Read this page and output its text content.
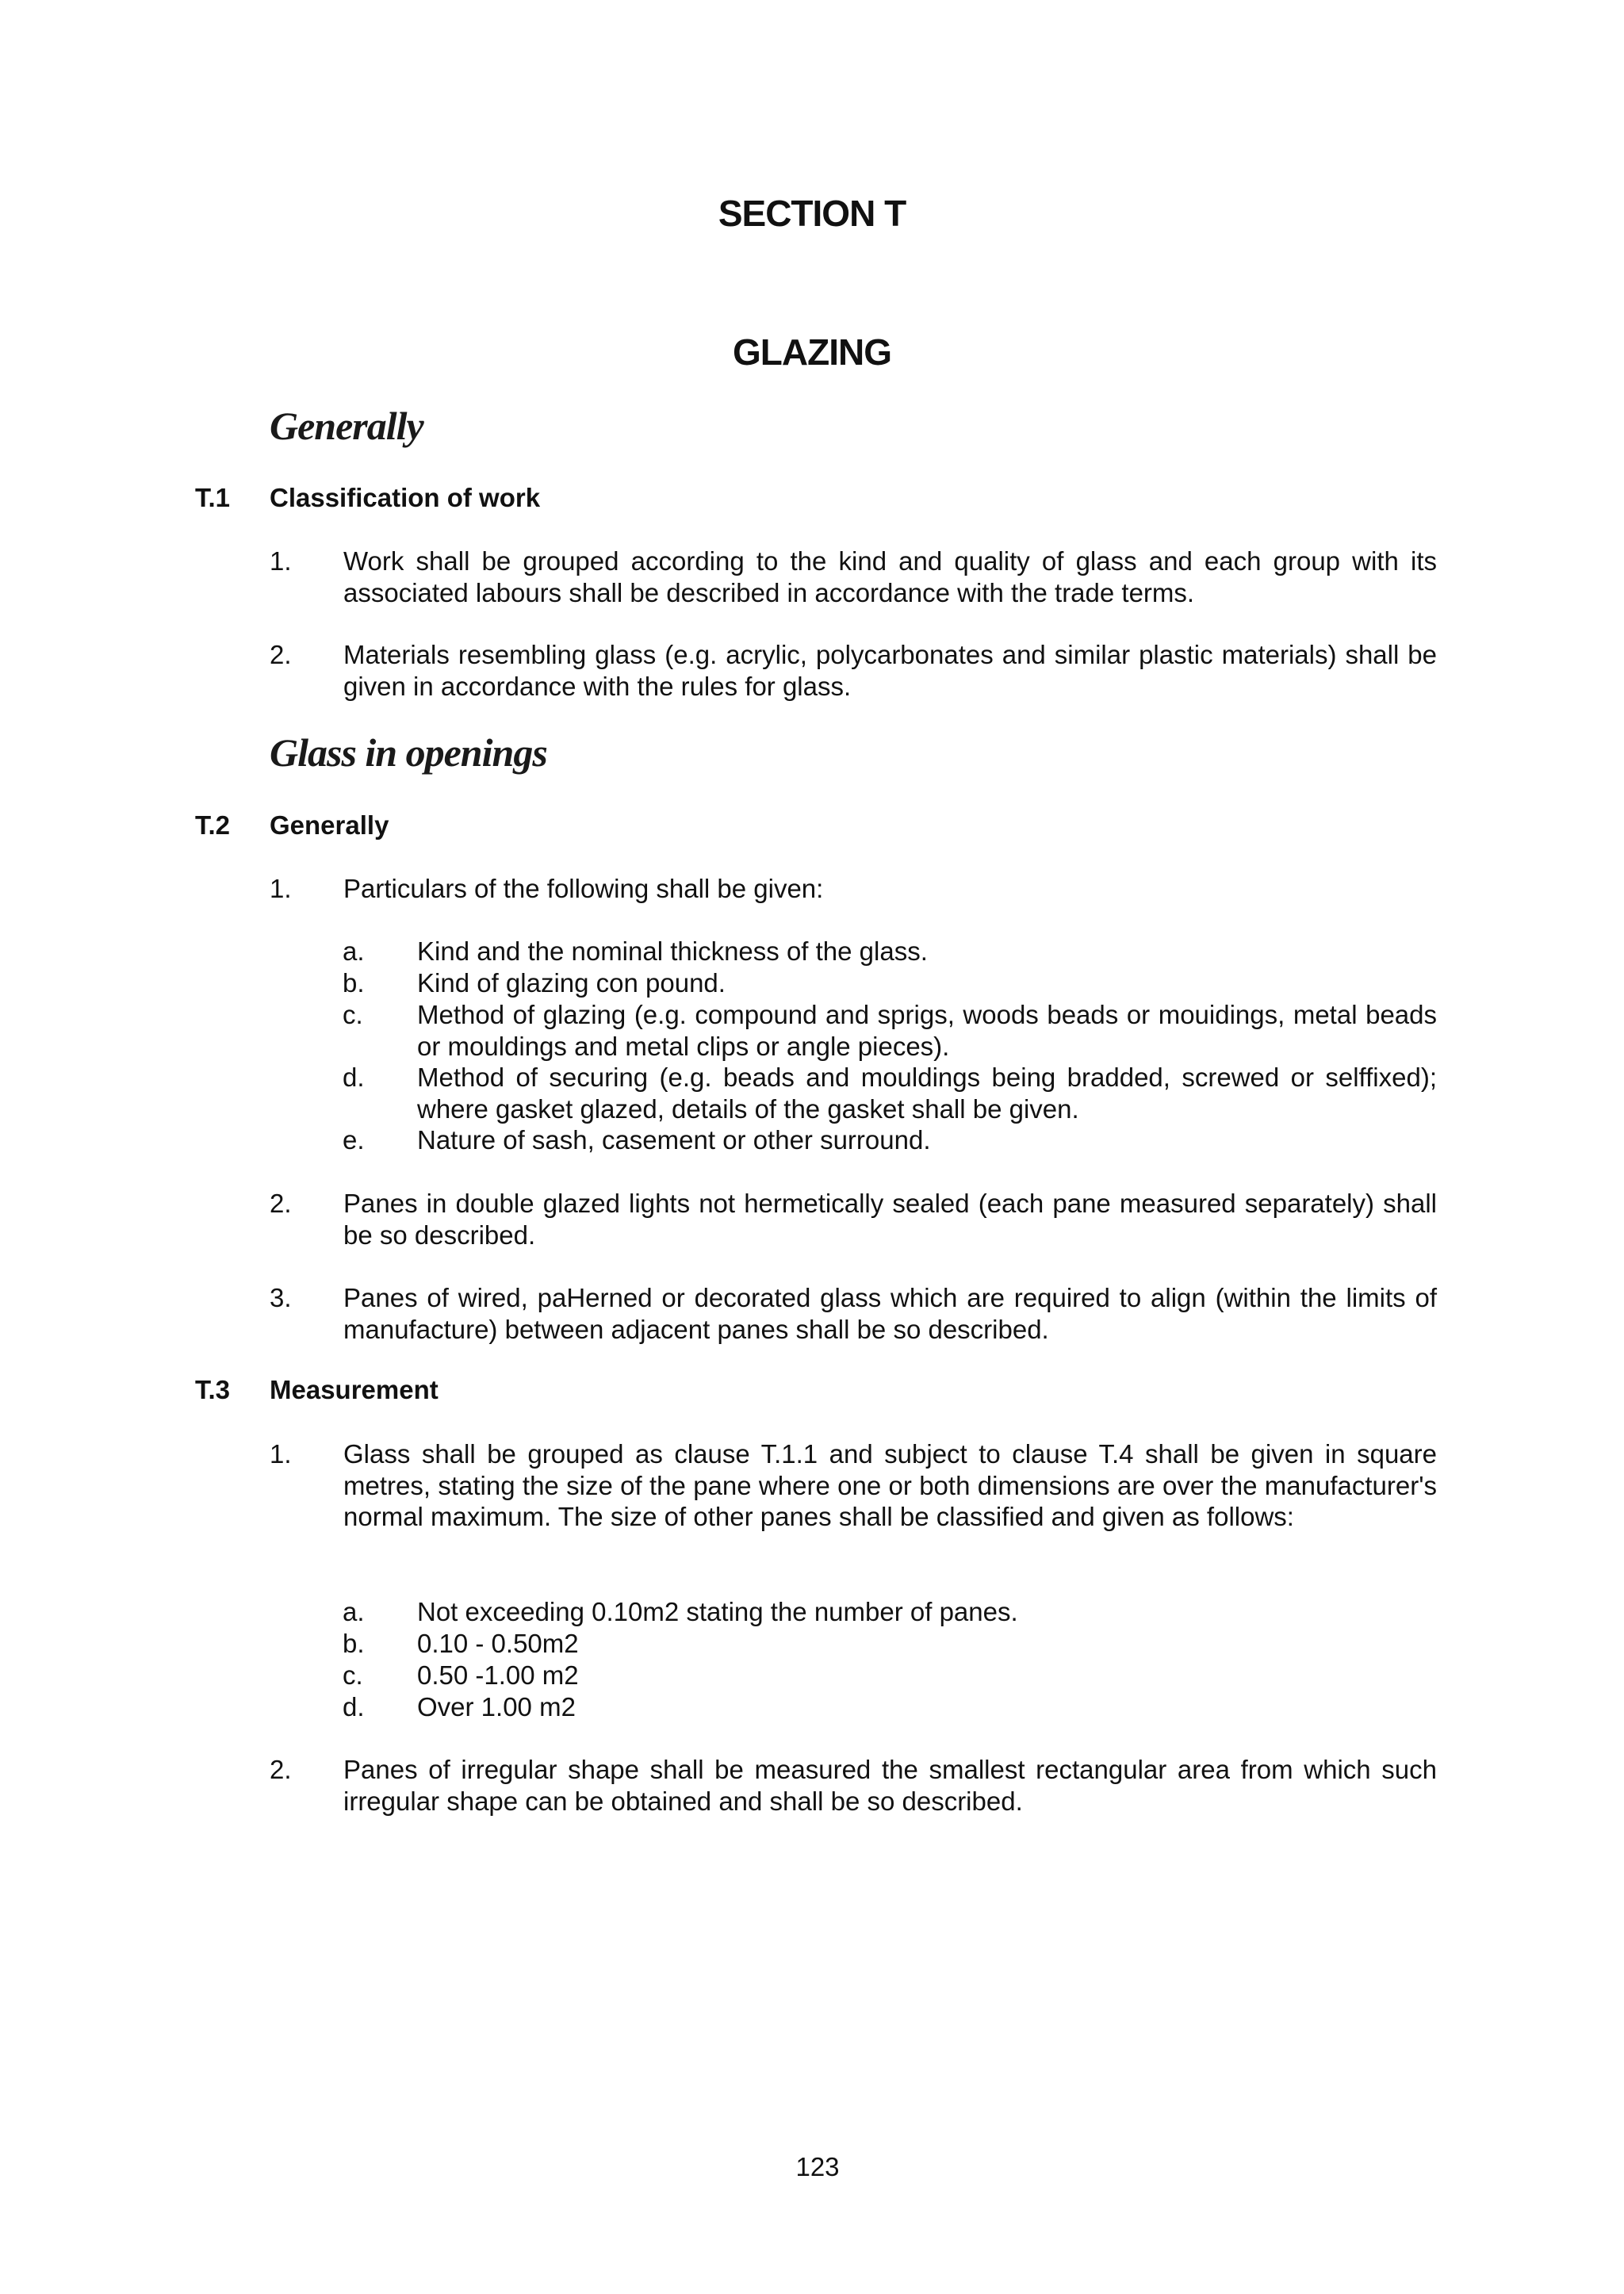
SECTION T
GLAZING
Generally

T.1 Classification of work

1. Work shall be grouped according to the kind and quality of glass and each group with its associated labours shall be described in accordance with the trade terms.
2. Materials resembling glass (e.g. acrylic, polycarbonates and similar plastic materials) shall be given in accordance with the rules for glass.
Glass in openings

T.2 Generally

1. Particulars of the following shall be given:
a. Kind and the nominal thickness of the glass.
b. Kind of glazing con pound.
c. Method of glazing (e.g. compound and sprigs, woods beads or mouidings, metal beads or mouldings and metal clips or angle pieces).
d. Method of securing (e.g. beads and mouldings being bradded, screwed or selffixed); where gasket glazed, details of the gasket shall be given.
e. Nature of sash, casement or other surround.
2. Panes in double glazed lights not hermetically sealed (each pane measured separately) shall be so described.
3. Panes of wired, paHerned or decorated glass which are required to align (within the limits of manufacture) between adjacent panes shall be so described.

T.3 Measurement

1. Glass shall be grouped as clause T.1.1 and subject to clause T.4 shall be given in square metres, stating the size of the pane where one or both dimensions are over the manufacturer's normal maximum. The size of other panes shall be classified and given as follows:
a. Not exceeding 0.10m2 stating the number of panes.
b. 0.10 - 0.50m2
c. 0.50 -1.00 m2
d. Over 1.00 m2
2. Panes of irregular shape shall be measured the smallest rectangular area from which such irregular shape can be obtained and shall be so described.

123
